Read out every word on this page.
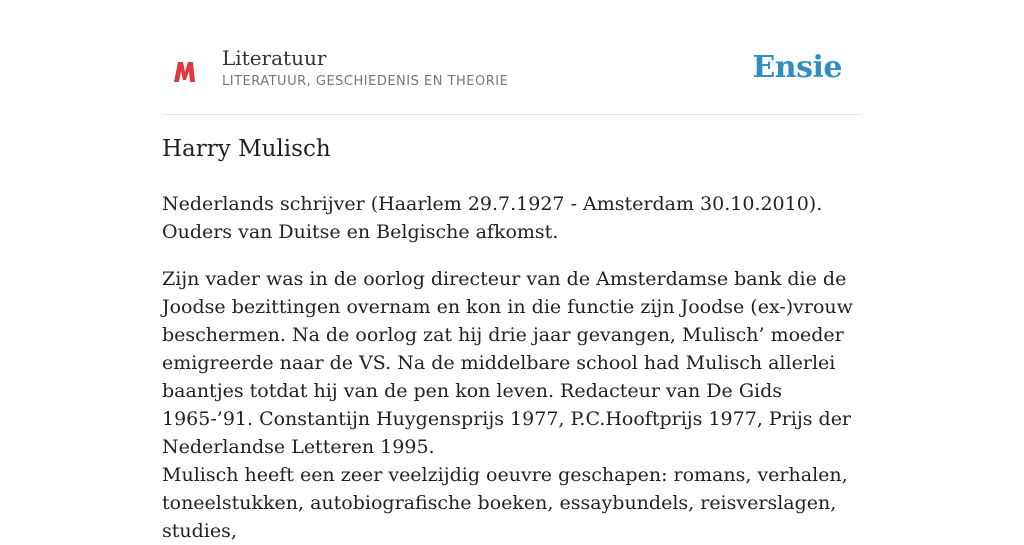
Literatuur
LITERATUUR, GESCHIEDENIS EN THEORIE	Ensie
Harry Mulisch

Nederlands schrijver (Haarlem 29.7.1927 - Amsterdam 30.10.2010). Ouders van Duitse en Belgische afkomst.

Zijn vader was in de oorlog directeur van de Amsterdamse bank die de Joodse bezittingen overnam en kon in die functie zijn Joodse (ex-)vrouw beschermen. Na de oorlog zat hij drie jaar gevangen, Mulisch’ moeder emigreerde naar de VS. Na de middelbare school had Mulisch allerlei baantjes totdat hij van de pen kon leven. Redacteur van De Gids 1965-’91. Constantijn Huygensprijs 1977, P.C.Hooftprijs 1977, Prijs der Nederlandse Letteren 1995.

Mulisch heeft een zeer veelzijdig oeuvre geschapen: romans, verhalen, toneelstukken, autobiografische boeken, essaybundels, reisverslagen, studies,
